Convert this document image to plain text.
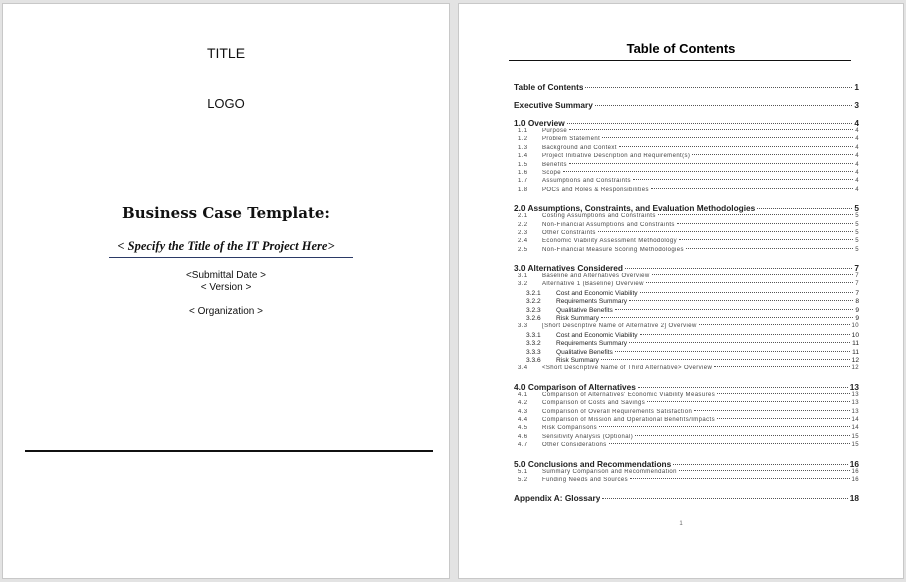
TITLE
LOGO
Business Case Template:
< Specify the Title of the IT Project Here>
<Submittal Date >
< Version >
< Organization >
Table of Contents
Table of Contents	1
Executive Summary	3
1.0 Overview	4
1.1 Purpose	4
1.2 Problem Statement	4
1.3 Background and Context	4
1.4 Project Initiative Description and Requirement(s)	4
1.5 Benefits	4
1.6 Scope	4
1.7 Assumptions and Constraints	4
1.8 POCs and Roles & Responsibilities	4
2.0 Assumptions, Constraints, and Evaluation Methodologies	5
2.1 Costing Assumptions and Constraints	5
2.2 Non-Financial Assumptions and Constraints	5
2.3 Other Constraints	5
2.4 Economic Viability Assessment Methodology	5
2.5 Non-Financial Measure Scoring Methodologies	5
3.0 Alternatives Considered	7
3.1 Baseline and Alternatives Overview	7
3.2 Alternative 1 (Baseline) Overview	7
3.2.1 Cost and Economic Viability	7
3.2.2 Requirements Summary	8
3.2.3 Qualitative Benefits	9
3.2.6 Risk Summary	9
3.3 [Short Descriptive Name of Alternative 2] Overview	10
3.3.1 Cost and Economic Viability	10
3.3.2 Requirements Summary	11
3.3.3 Qualitative Benefits	11
3.3.6 Risk Summary	12
3.4 <Short Descriptive Name of Third Alternative> Overview	12
4.0 Comparison of Alternatives	13
4.1 Comparison of Alternatives' Economic Viability Measures	13
4.2 Comparison of Costs and Savings	13
4.3 Comparison of Overall Requirements Satisfaction	13
4.4 Comparison of Mission and Operational Benefits/Impacts	14
4.5 Risk Comparisons	14
4.6 Sensitivity Analysis (Optional)	15
4.7 Other Considerations	15
5.0 Conclusions and Recommendations	16
5.1 Summary Comparison and Recommendation	16
5.2 Funding Needs and Sources	16
Appendix A: Glossary	18
1
